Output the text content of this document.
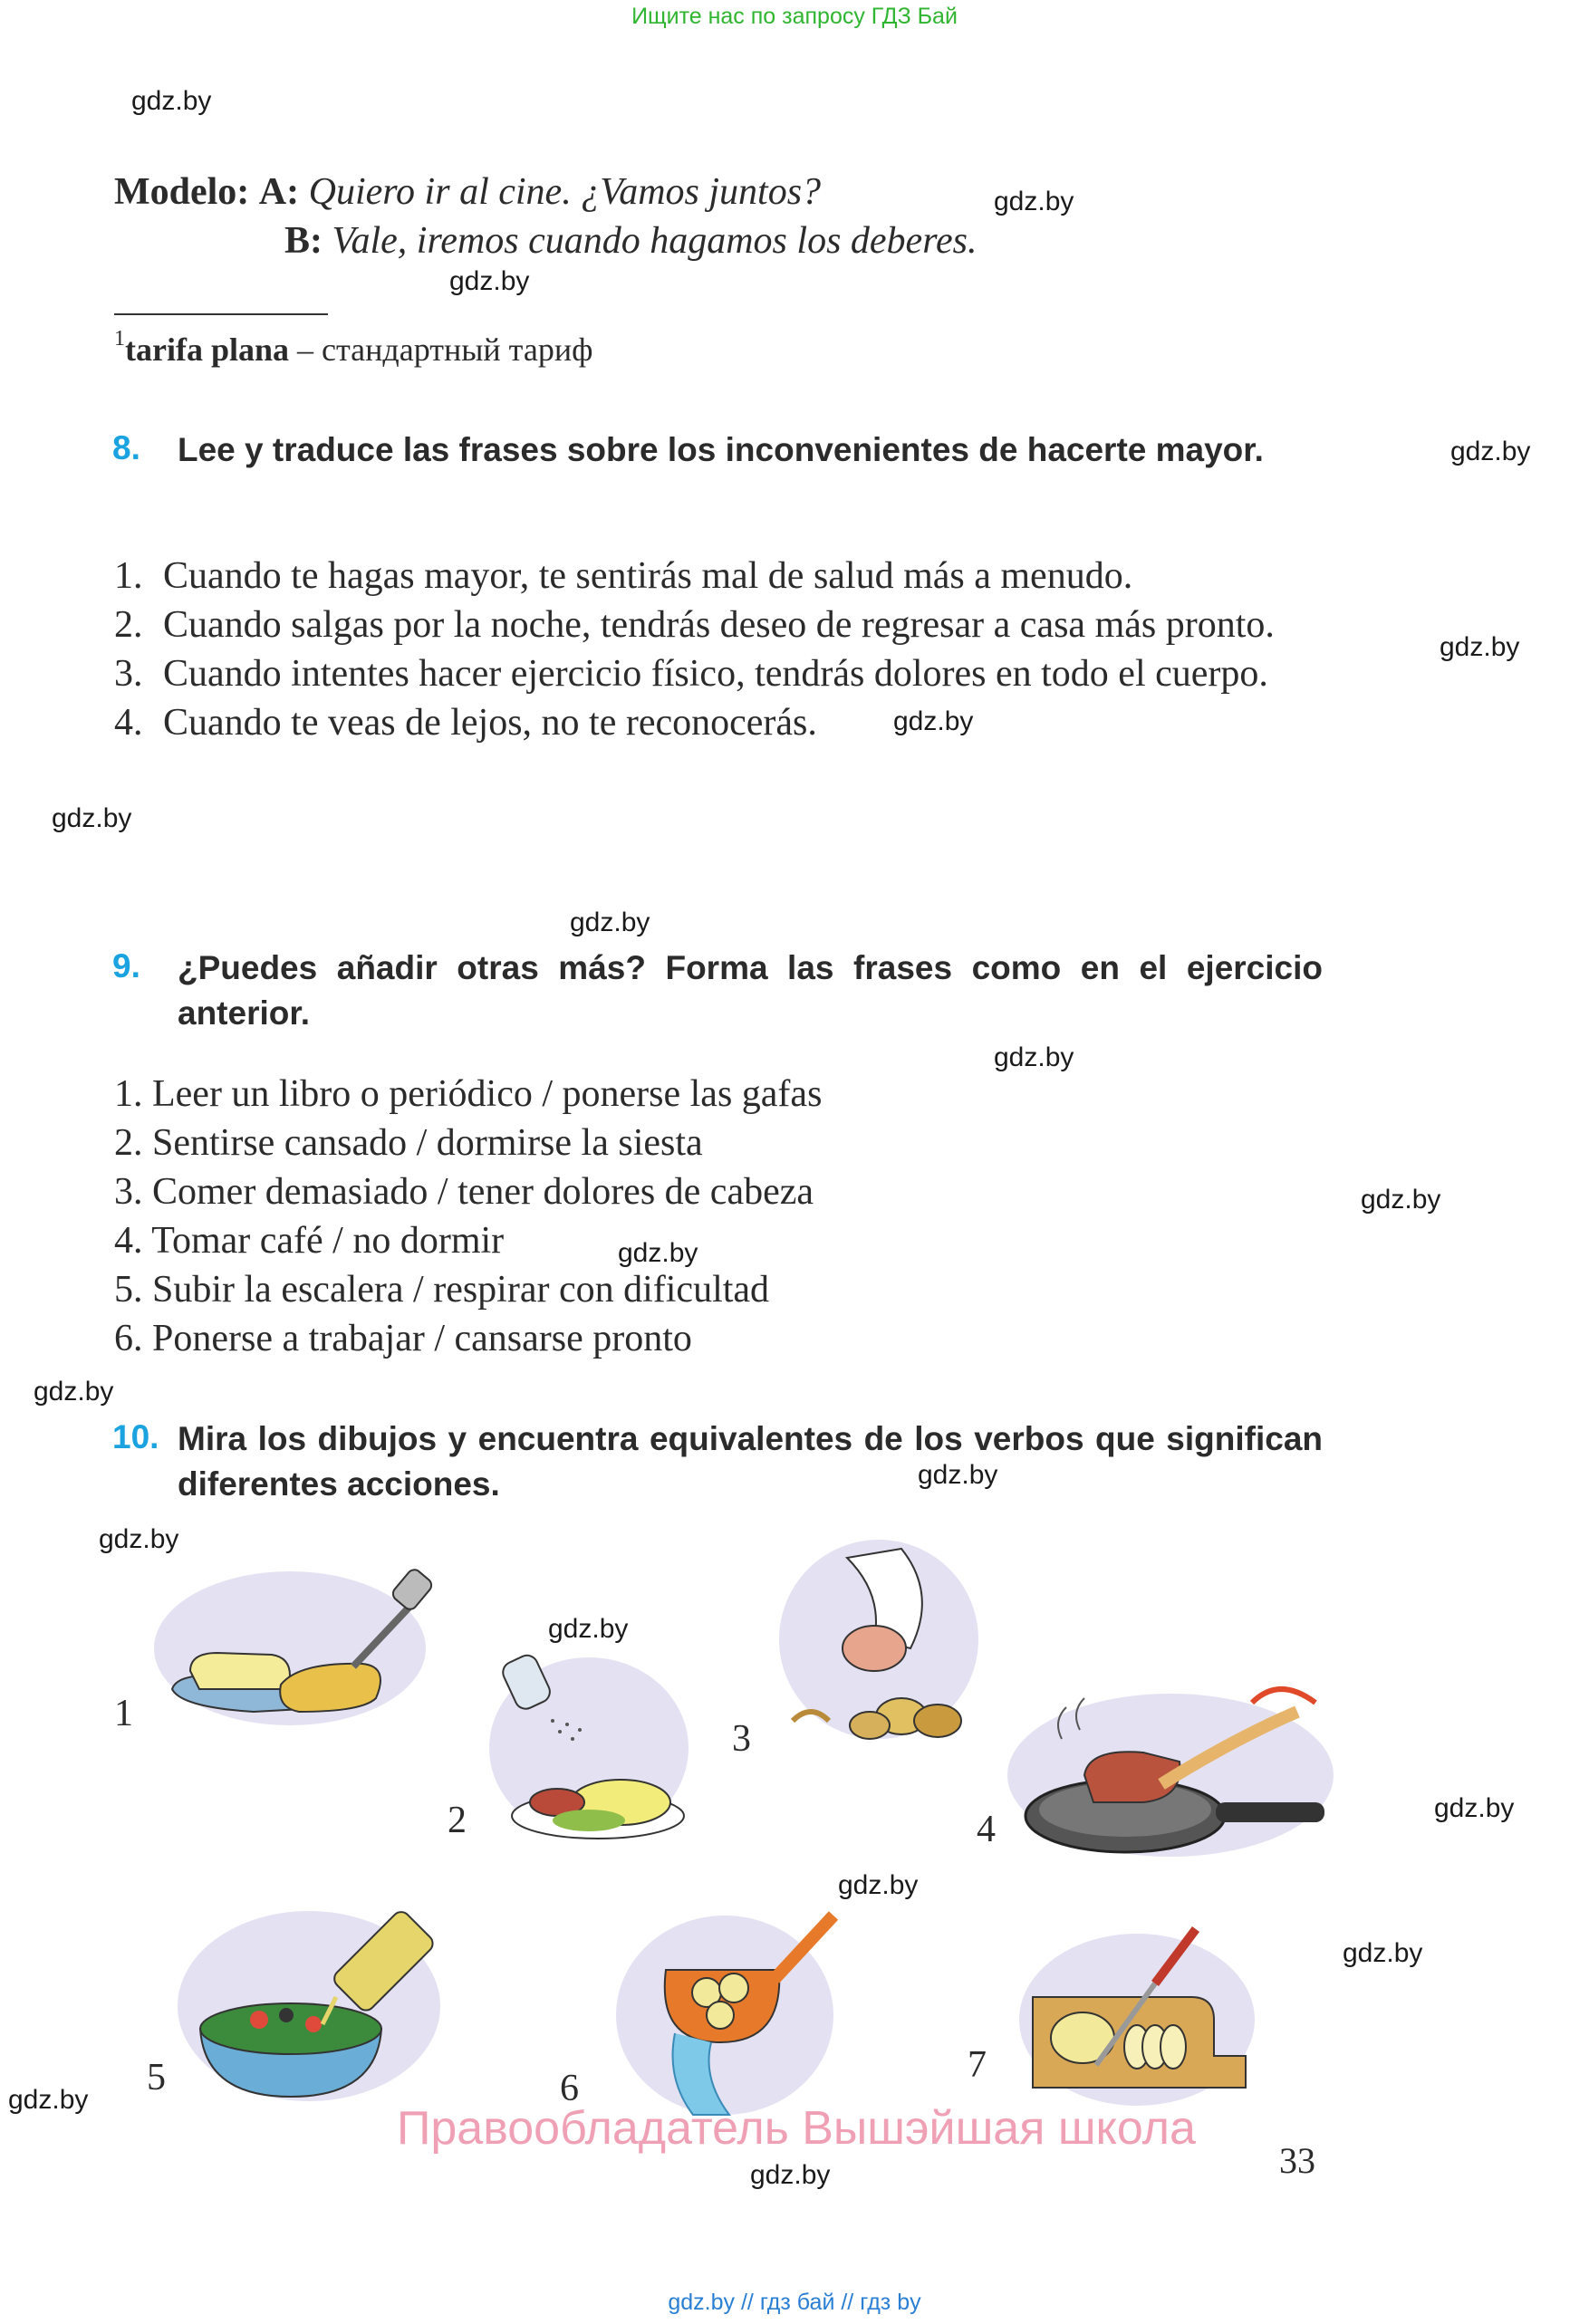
Ищите нас по запросу ГДЗ Бай
gdz.by
gdz.by
gdz.by
gdz.by
gdz.by
gdz.by
gdz.by
gdz.by
gdz.by
gdz.by
gdz.by
gdz.by
gdz.by
gdz.by
gdz.by
gdz.by
gdz.by
gdz.by
gdz.by
gdz.by
Modelo: A: Quiero ir al cine. ¿Vamos juntos?
B: Vale, iremos cuando hagamos los deberes.
$^1$tarifa plana – стандартный тариф
8. Lee y traduce las frases sobre los inconvenientes de hacerte mayor.
1. Cuando te hagas mayor, te sentirás mal de salud más a menudo.
2. Cuando salgas por la noche, tendrás deseo de regresar a casa más pronto.
3. Cuando intentes hacer ejercicio físico, tendrás dolores en todo el cuerpo.
4. Cuando te veas de lejos, no te reconocerás.
9. ¿Puedes añadir otras más? Forma las frases como en el ejercicio anterior.
1. Leer un libro o periódico / ponerse las gafas
2. Sentirse cansado / dormirse la siesta
3. Comer demasiado / tener dolores de cabeza
4. Tomar café / no dormir
5. Subir la escalera / respirar con dificultad
6. Ponerse a trabajar / cansarse pronto
10. Mira los dibujos y encuentra equivalentes de los verbos que significan diferentes acciones.
1
2
3
4
5	6
7
Правообладатель Вышэйшая школа
33
gdz.by // гдз бай // гдз by
